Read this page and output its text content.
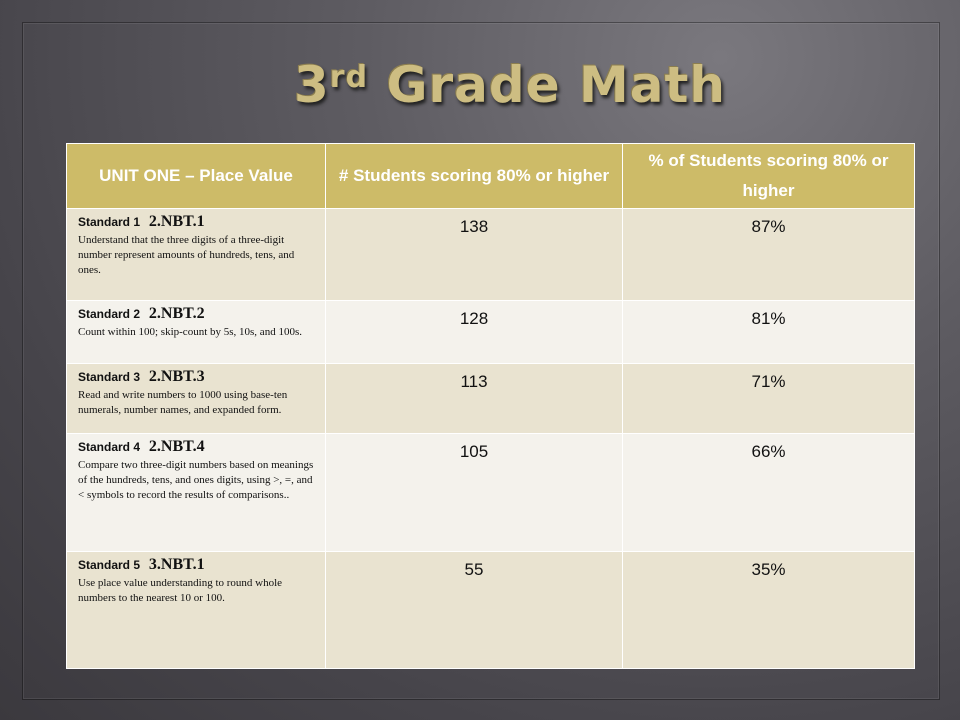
3rd Grade Math
UNIT ONE – Place Value	# Students scoring 80% or higher	% of Students scoring 80% or higher
Standard 1 2.NBT.1
Understand that the three digits of a three-digit number represent amounts of hundreds, tens, and ones.	138	87%
Standard 2 2.NBT.2
Count within 100; skip-count by 5s, 10s, and 100s.	128	81%
Standard 3 2.NBT.3
Read and write numbers to 1000 using base-ten numerals, number names, and expanded form.	113	71%
Standard 4 2.NBT.4
Compare two three-digit numbers based on meanings of the hundreds, tens, and ones digits, using >, =, and < symbols to record the results of comparisons..	105	66%
Standard 5 3.NBT.1
Use place value understanding to round whole numbers to the nearest 10 or 100.	55	35%
